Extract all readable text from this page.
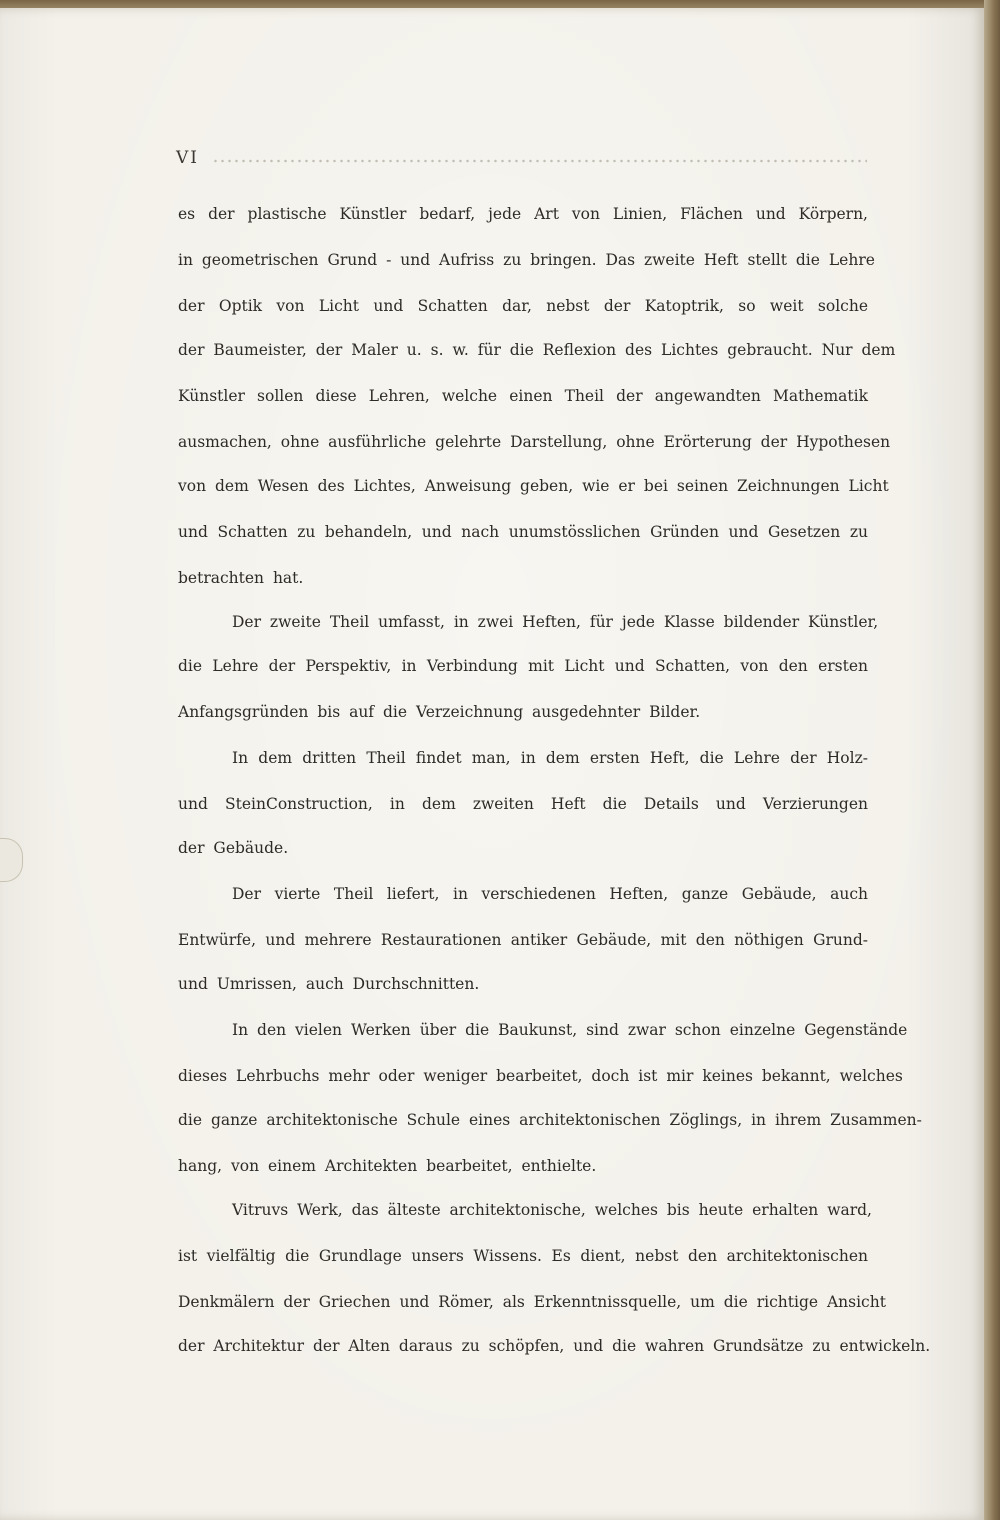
VI

es der plastische Künstler bedarf, jede Art von Linien, Flächen und Körpern,

in geometrischen Grund - und Aufriss zu bringen. Das zweite Heft stellt die Lehre

der Optik von Licht und Schatten dar, nebst der Katoptrik, so weit solche

der Baumeister, der Maler u. s. w. für die Reflexion des Lichtes gebraucht. Nur dem

Künstler sollen diese Lehren, welche einen Theil der angewandten Mathematik

ausmachen, ohne ausführliche gelehrte Darstellung, ohne Erörterung der Hypothesen

von dem Wesen des Lichtes, Anweisung geben, wie er bei seinen Zeichnungen Licht

und Schatten zu behandeln, und nach unumstösslichen Gründen und Gesetzen zu

betrachten hat.

Der zweite Theil umfasst, in zwei Heften, für jede Klasse bildender Künstler,

die Lehre der Perspektiv, in Verbindung mit Licht und Schatten, von den ersten

Anfangsgründen bis auf die Verzeichnung ausgedehnter Bilder.

In dem dritten Theil findet man, in dem ersten Heft, die Lehre der Holz-

und SteinConstruction, in dem zweiten Heft die Details und Verzierungen

der Gebäude.

Der vierte Theil liefert, in verschiedenen Heften, ganze Gebäude, auch

Entwürfe, und mehrere Restaurationen antiker Gebäude, mit den nöthigen Grund-

und Umrissen, auch Durchschnitten.

In den vielen Werken über die Baukunst, sind zwar schon einzelne Gegenstände

dieses Lehrbuchs mehr oder weniger bearbeitet, doch ist mir keines bekannt, welches

die ganze architektonische Schule eines architektonischen Zöglings, in ihrem Zusammen-

hang, von einem Architekten bearbeitet, enthielte.

Vitruvs Werk, das älteste architektonische, welches bis heute erhalten ward,

ist vielfältig die Grundlage unsers Wissens. Es dient, nebst den architektonischen

Denkmälern der Griechen und Römer, als Erkenntnissquelle, um die richtige Ansicht

der Architektur der Alten daraus zu schöpfen, und die wahren Grundsätze zu entwickeln.
